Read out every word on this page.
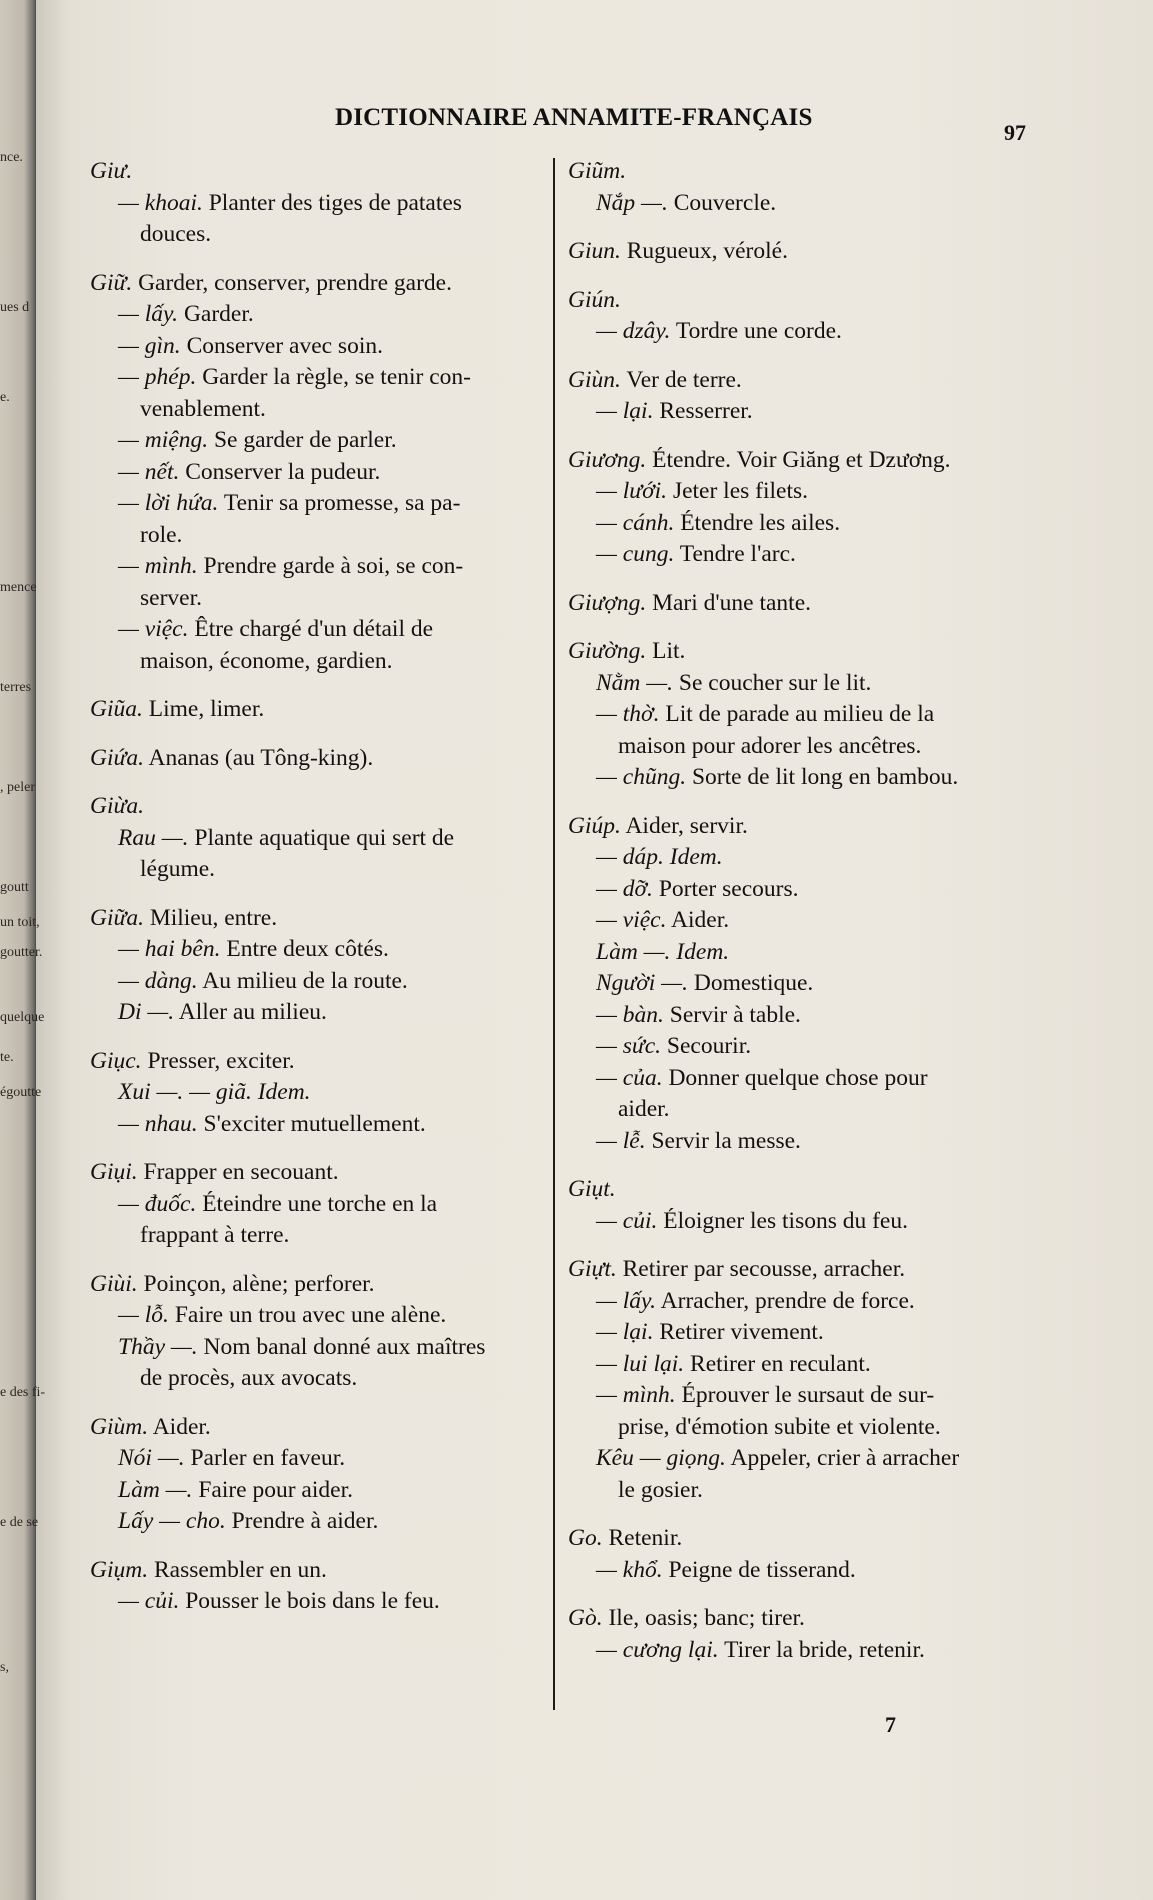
nce.
ues d
e.
mence
terres
, peler
goutt
un toit,
goutter.
quelque
te.
égoutte
e des fi-
e de se
s,
DICTIONNAIRE ANNAMITE-FRANÇAIS
97
Giư.
— khoai. Planter des tiges de patates
douces.
Giữ. Garder, conserver, prendre garde.
— lấy. Garder.
— gìn. Conserver avec soin.
— phép. Garder la règle, se tenir con-
venablement.
— miệng. Se garder de parler.
— nết. Conserver la pudeur.
— lời hứa. Tenir sa promesse, sa pa-
role.
— mình. Prendre garde à soi, se con-
server.
— việc. Être chargé d'un détail de
maison, économe, gardien.
Giũa. Lime, limer.
Giứa. Ananas (au Tông-king).
Giừa.
Rau —. Plante aquatique qui sert de
légume.
Giữa. Milieu, entre.
— hai bên. Entre deux côtés.
— dàng. Au milieu de la route.
Di —. Aller au milieu.
Giục. Presser, exciter.
Xui —. — giã. Idem.
— nhau. S'exciter mutuellement.
Giụi. Frapper en secouant.
— đuốc. Éteindre une torche en la
frappant à terre.
Giùi. Poinçon, alène; perforer.
— lỗ. Faire un trou avec une alène.
Thầy —. Nom banal donné aux maîtres
de procès, aux avocats.
Giùm. Aider.
Nói —. Parler en faveur.
Làm —. Faire pour aider.
Lấy — cho. Prendre à aider.
Giụm. Rassembler en un.
— củi. Pousser le bois dans le feu.
Giũm.
Nắp —. Couvercle.
Giun. Rugueux, vérolé.
Giún.
— dzây. Tordre une corde.
Giùn. Ver de terre.
— lại. Resserrer.
Giương. Étendre. Voir Giăng et Dzương.
— lưới. Jeter les filets.
— cánh. Étendre les ailes.
— cung. Tendre l'arc.
Giượng. Mari d'une tante.
Giường. Lit.
Nằm —. Se coucher sur le lit.
— thờ. Lit de parade au milieu de la
maison pour adorer les ancêtres.
— chũng. Sorte de lit long en bambou.
Giúp. Aider, servir.
— dáp. Idem.
— dỡ. Porter secours.
— việc. Aider.
Làm —. Idem.
Người —. Domestique.
— bàn. Servir à table.
— sức. Secourir.
— của. Donner quelque chose pour
aider.
— lễ. Servir la messe.
Giụt.
— củi. Éloigner les tisons du feu.
Giựt. Retirer par secousse, arracher.
— lấy. Arracher, prendre de force.
— lại. Retirer vivement.
— lui lại. Retirer en reculant.
— mình. Éprouver le sursaut de sur-
prise, d'émotion subite et violente.
Kêu — giọng. Appeler, crier à arracher
le gosier.
Go. Retenir.
— khổ. Peigne de tisserand.
Gò. Ile, oasis; banc; tirer.
— cương lại. Tirer la bride, retenir.
7
